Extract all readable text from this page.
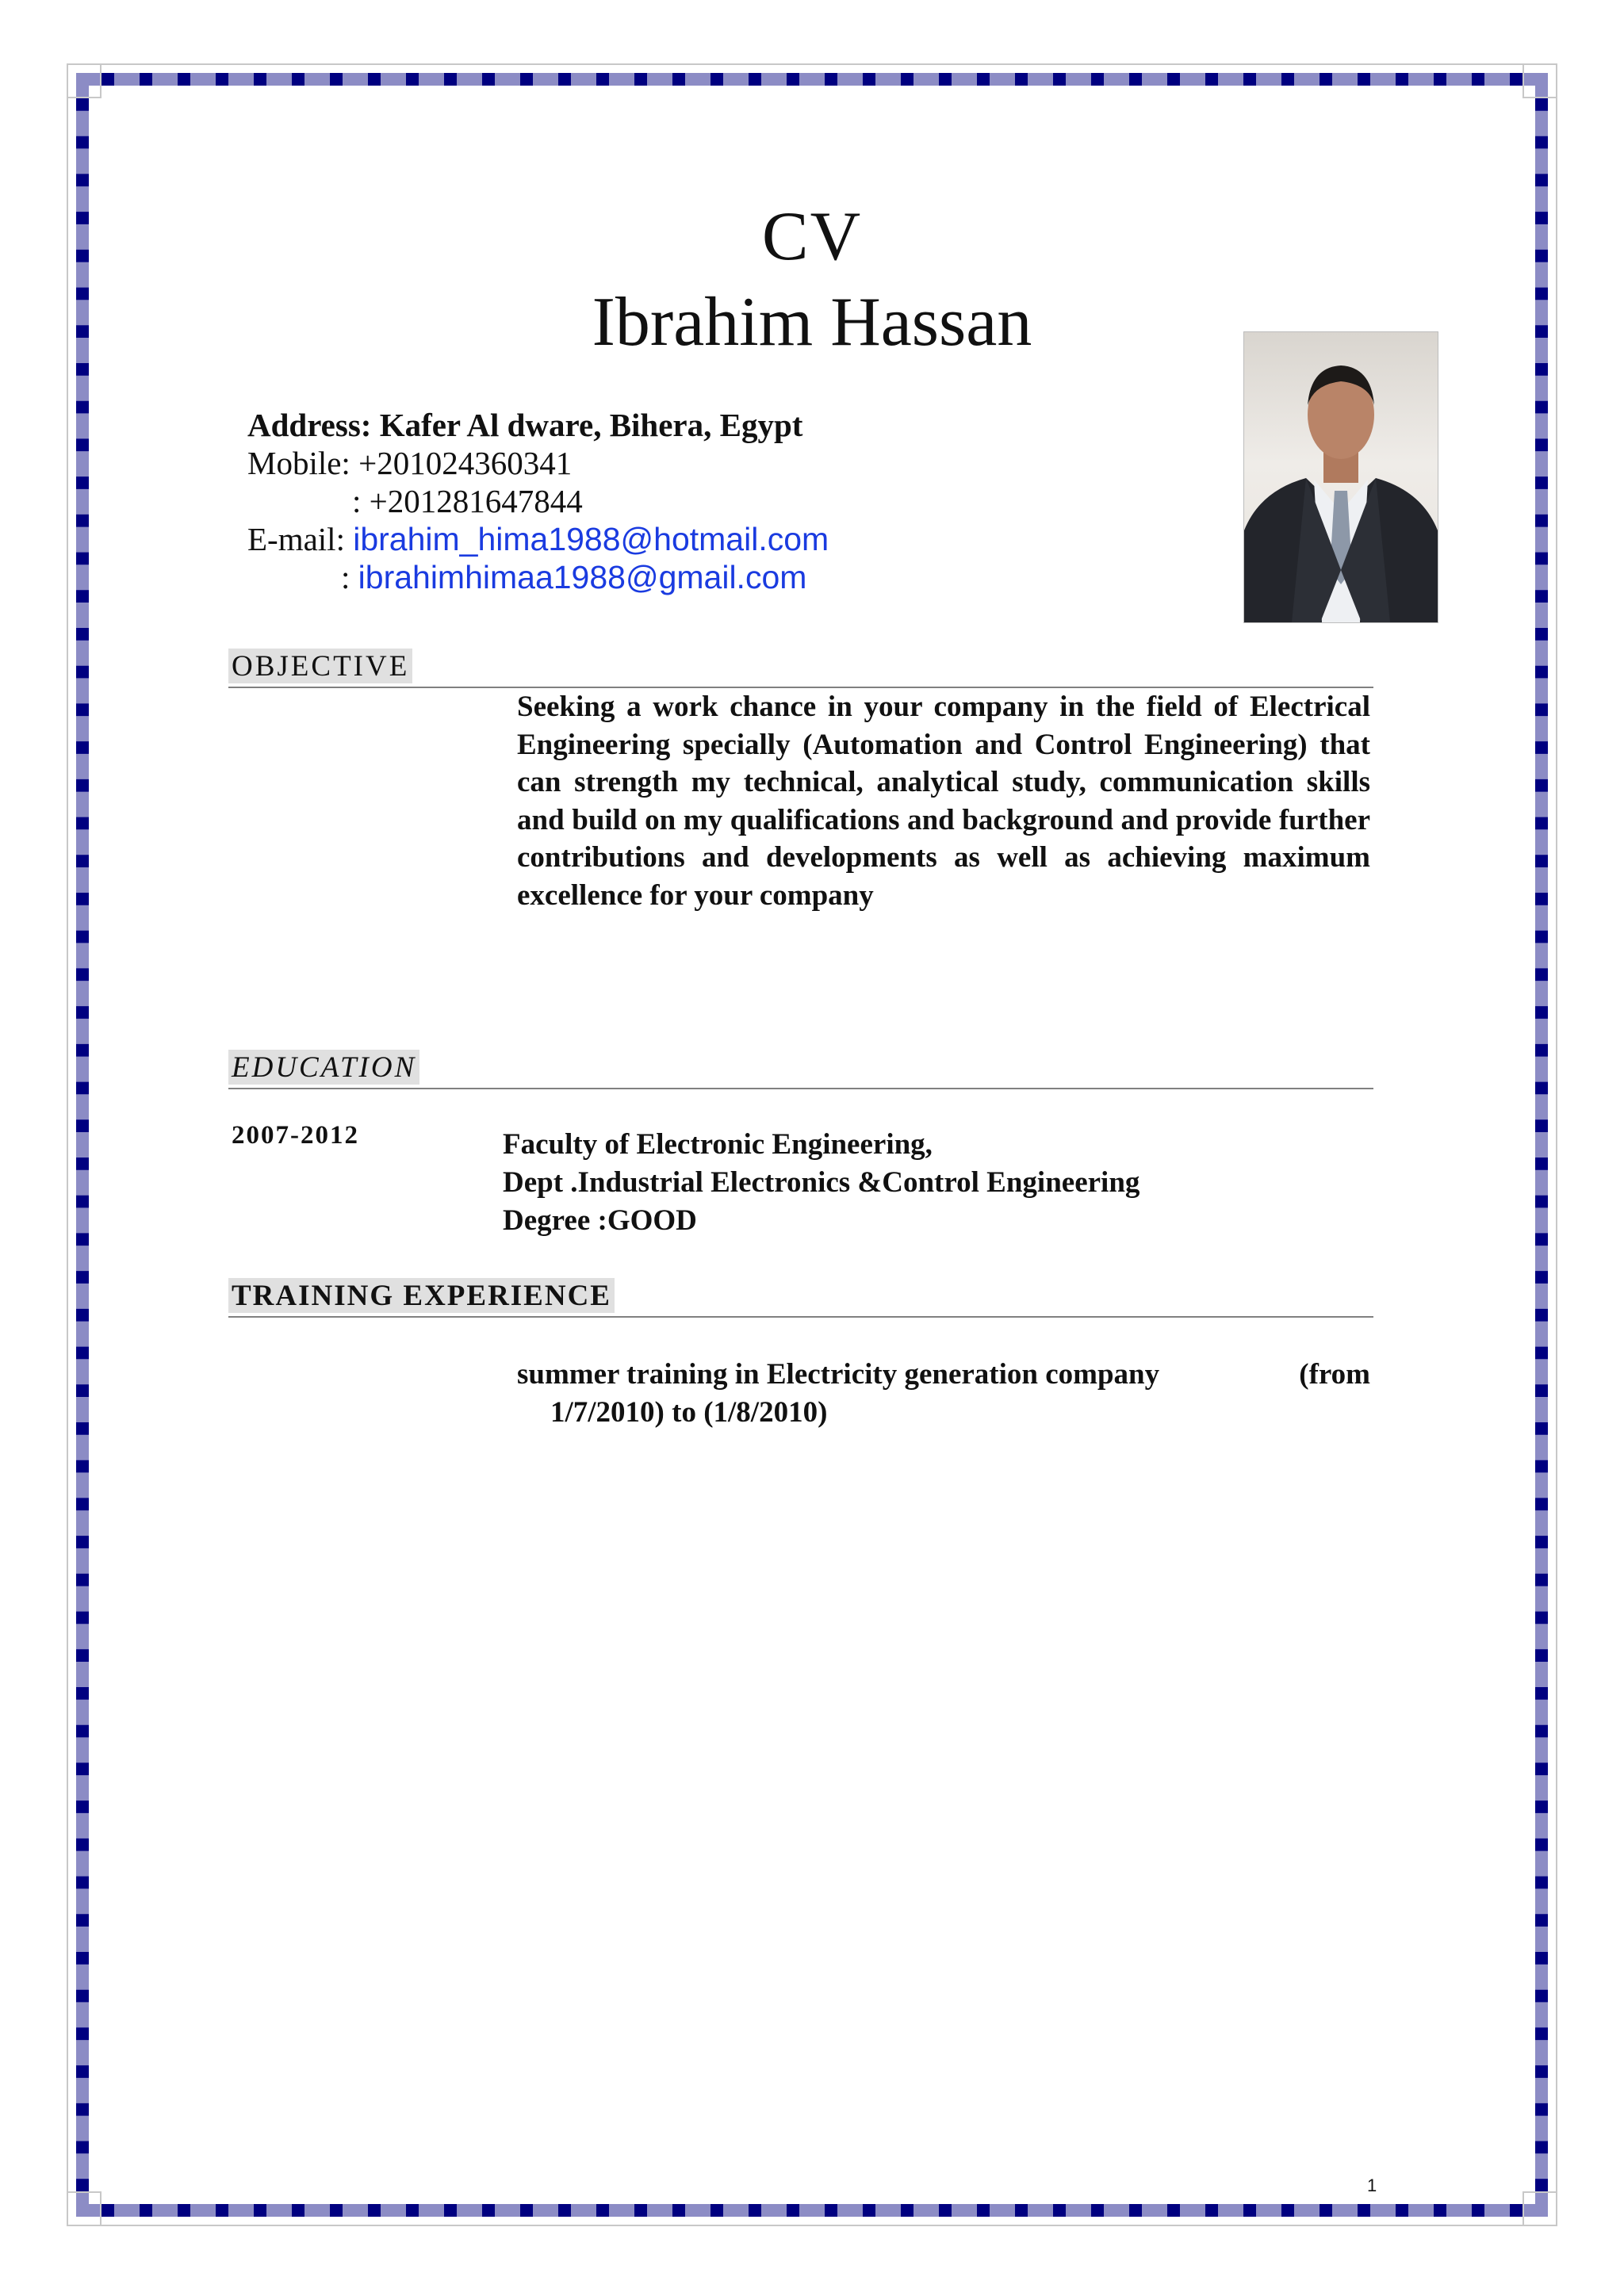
CV
Ibrahim Hassan
Address: Kafer Al dware, Bihera, Egypt
Mobile: +201024360341
: +201281647844
E-mail: ibrahim_hima1988@hotmail.com
: ibrahimhimaa1988@gmail.com
OBJECTIVE
Seeking a work chance in your company in the field of Electrical Engineering specially (Automation and Control Engineering) that can strength my technical, analytical study, communication skills and build on my qualifications and background and provide further contributions and developments as well as achieving maximum excellence for your company
EDUCATION
2007-2012	Faculty of Electronic Engineering,
Dept .Industrial Electronics &Control Engineering
Degree :GOOD
TRAINING EXPERIENCE
summer training in Electricity generation company	(from
1/7/2010) to (1/8/2010)
1
